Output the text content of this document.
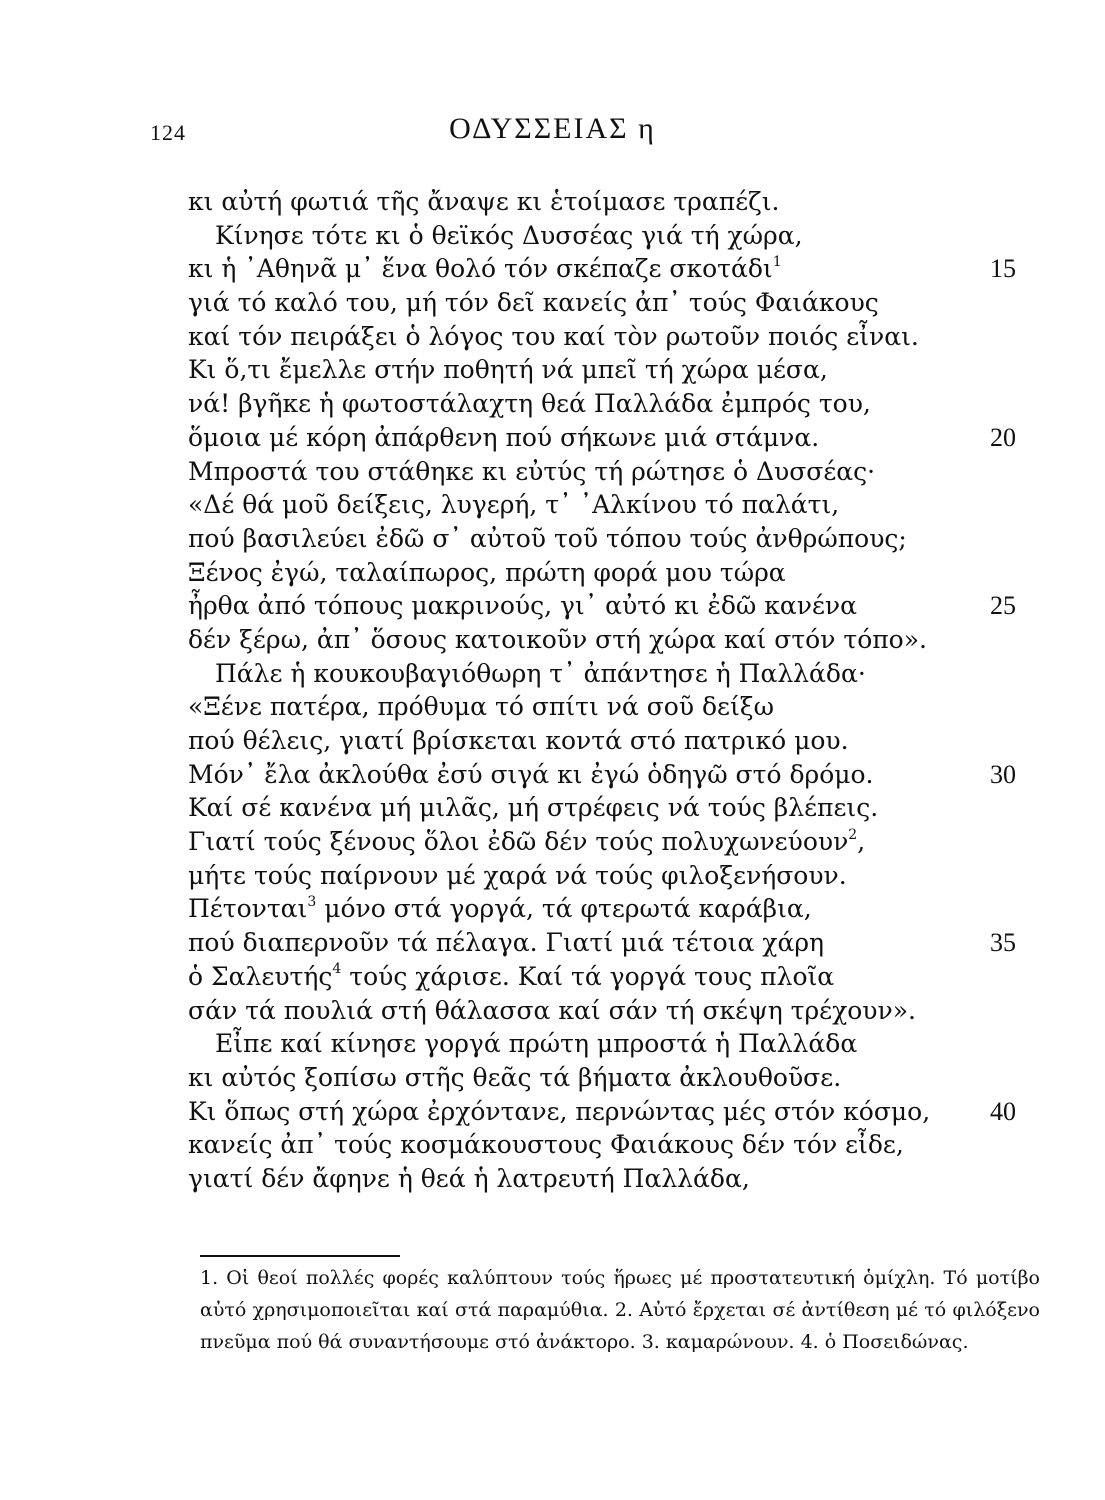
124	ΟΔΥΣΣΕΙΑΣ η
κι αὐτή φωτιά τῆς ἄναψε κι ἑτοίμασε τραπέζι.
Κίνησε τότε κι ὁ θεϊκός Δυσσέας γιά τή χώρα,
κι ἡ ᾿Αθηνᾶ μ᾿ ἕνα θολό τόν σκέπαζε σκοτάδι$^1$	15
γιά τό καλό του, μή τόν δεῖ κανείς ἀπ᾿ τούς Φαιάκους
καί τόν πειράξει ὁ λόγος του καί τὸν ρωτοῦν ποιός εἶναι.
Κι ὅ,τι ἔμελλε στήν ποθητή νά μπεῖ τή χώρα μέσα,
νά! βγῆκε ἡ φωτοστάλαχτη θεά Παλλάδα ἐμπρός του,
ὅμοια μέ κόρη ἀπάρθενη πού σήκωνε μιά στάμνα.	20
Μπροστά του στάθηκε κι εὐτύς τή ρώτησε ὁ Δυσσέας·
«Δέ θά μοῦ δείξεις, λυγερή, τ᾿ ᾿Αλκίνου τό παλάτι,
πού βασιλεύει ἐδῶ σ᾿ αὐτοῦ τοῦ τόπου τούς ἀνθρώπους;
Ξένος ἐγώ, ταλαίπωρος, πρώτη φορά μου τώρα
ἦρθα ἀπό τόπους μακρινούς, γι᾿ αὐτό κι ἐδῶ κανένα	25
δέν ξέρω, ἀπ᾿ ὅσους κατοικοῦν στή χώρα καί στόν τόπο».
Πάλε ἡ κουκουβαγιόθωρη τ᾿ ἀπάντησε ἡ Παλλάδα·
«Ξένε πατέρα, πρόθυμα τό σπίτι νά σοῦ δείξω
πού θέλεις, γιατί βρίσκεται κοντά στό πατρικό μου.
Μόν᾿ ἔλα ἀκλούθα ἐσύ σιγά κι ἐγώ ὁδηγῶ στό δρόμο.	30
Καί σέ κανένα μή μιλᾶς, μή στρέφεις νά τούς βλέπεις.
Γιατί τούς ξένους ὅλοι ἐδῶ δέν τούς πολυχωνεύουν$^2$,
μήτε τούς παίρνουν μέ χαρά νά τούς φιλοξενήσουν.
Πέτονται$^3$ μόνο στά γοργά, τά φτερωτά καράβια,
πού διαπερνοῦν τά πέλαγα. Γιατί μιά τέτοια χάρη	35
ὁ Σαλευτής$^4$ τούς χάρισε. Καί τά γοργά τους πλοῖα
σάν τά πουλιά στή θάλασσα καί σάν τή σκέψη τρέχουν».
Εἶπε καί κίνησε γοργά πρώτη μπροστά ἡ Παλλάδα
κι αὐτός ξοπίσω στῆς θεᾶς τά βήματα ἀκλουθοῦσε.
Κι ὅπως στή χώρα ἐρχόντανε, περνώντας μές στόν κόσμο, 40
κανείς ἀπ᾿ τούς κοσμάκουστους Φαιάκους δέν τόν εἶδε,
γιατί δέν ἄφηνε ἡ θεά ἡ λατρευτή Παλλάδα,
1. Οἱ θεοί πολλές φορές καλύπτουν τούς ἥρωες μέ προστατευτική ὁμίχλη. Τό μοτίβο αὐτό χρησιμοποιεῖται καί στά παραμύθια. 2. Αὐτό ἔρχεται σέ ἀντίθεση μέ τό φιλόξενο πνεῦμα πού θά συναντήσουμε στό ἀνάκτορο. 3. καμαρώνουν. 4. ὁ Ποσειδώνας.
